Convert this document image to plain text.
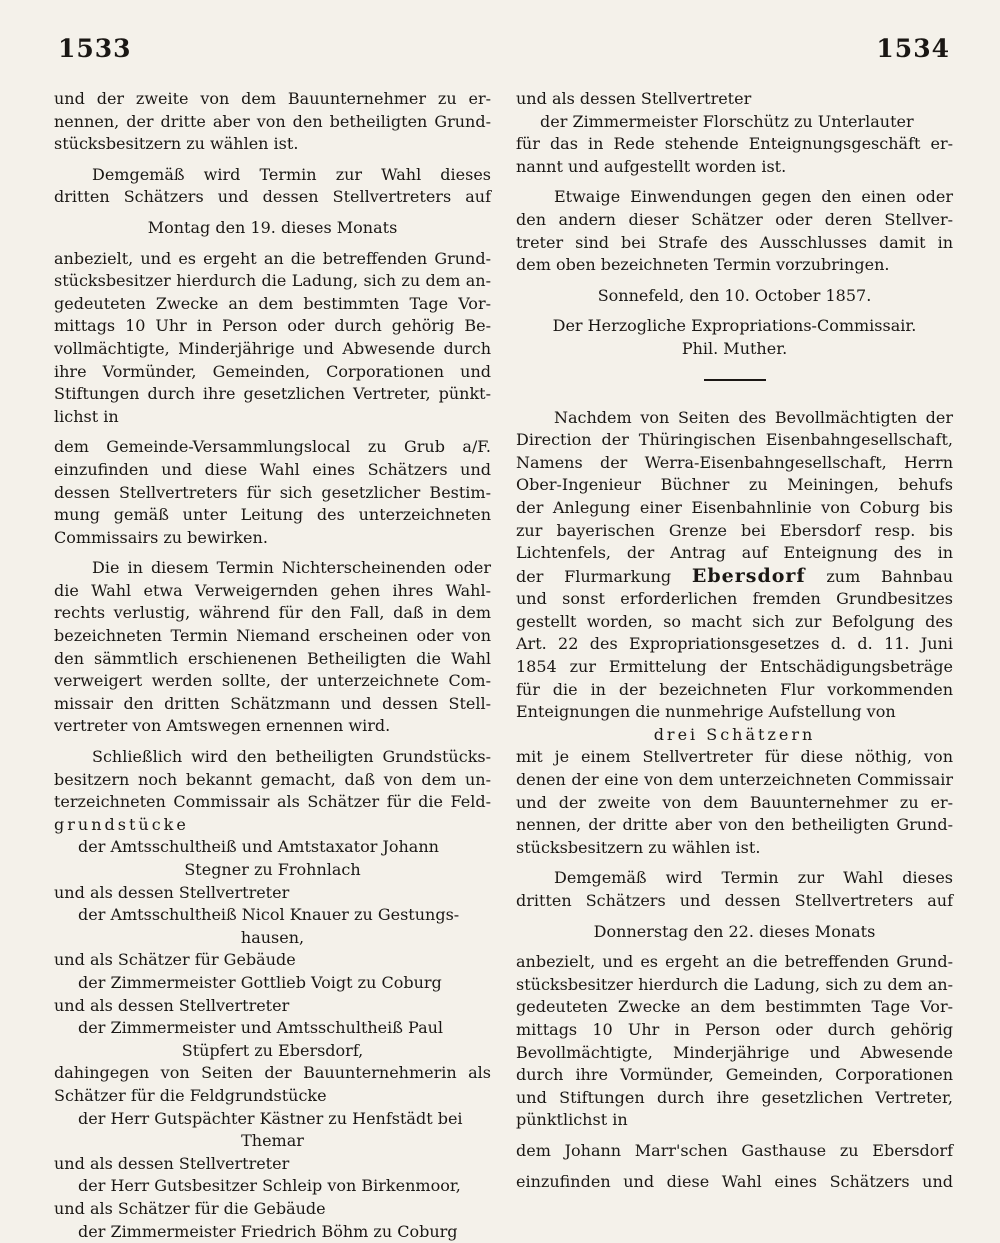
1533	1534

und der zweite von dem Bauunternehmer zu er-

nennen, der dritte aber von den betheiligten Grund-

stücksbesitzern zu wählen ist.

Demgemäß wird Termin zur Wahl dieses

dritten Schätzers und dessen Stellvertreters auf

Montag den 19. dieses Monats

anbezielt, und es ergeht an die betreffenden Grund-

stücksbesitzer hierdurch die Ladung, sich zu dem an-

gedeuteten Zwecke an dem bestimmten Tage Vor-

mittags 10 Uhr in Person oder durch gehörig Be-

vollmächtigte, Minderjährige und Abwesende durch

ihre Vormünder, Gemeinden, Corporationen und

Stiftungen durch ihre gesetzlichen Vertreter, pünkt-

lichst in

dem Gemeinde-Versammlungslocal zu Grub a/F.

einzufinden und diese Wahl eines Schätzers und

dessen Stellvertreters für sich gesetzlicher Bestim-

mung gemäß unter Leitung des unterzeichneten

Commissairs zu bewirken.

Die in diesem Termin Nichterscheinenden oder

die Wahl etwa Verweigernden gehen ihres Wahl-

rechts verlustig, während für den Fall, daß in dem

bezeichneten Termin Niemand erscheinen oder von

den sämmtlich erschienenen Betheiligten die Wahl

verweigert werden sollte, der unterzeichnete Com-

missair den dritten Schätzmann und dessen Stell-

vertreter von Amtswegen ernennen wird.

Schließlich wird den betheiligten Grundstücks-

besitzern noch bekannt gemacht, daß von dem un-

terzeichneten Commissair als Schätzer für die Feld-

grundstücke

der Amtsschultheiß und Amtstaxator Johann

Stegner zu Frohnlach

und als dessen Stellvertreter

der Amtsschultheiß Nicol Knauer zu Gestungs-

hausen,

und als Schätzer für Gebäude

der Zimmermeister Gottlieb Voigt zu Coburg

und als dessen Stellvertreter

der Zimmermeister und Amtsschultheiß Paul

Stüpfert zu Ebersdorf,

dahingegen von Seiten der Bauunternehmerin als

Schätzer für die Feldgrundstücke

der Herr Gutspächter Kästner zu Henfstädt bei

Themar

und als dessen Stellvertreter

der Herr Gutsbesitzer Schleip von Birkenmoor,

und als Schätzer für die Gebäude

der Zimmermeister Friedrich Böhm zu Coburg

und als dessen Stellvertreter

der Zimmermeister Florschütz zu Unterlauter

für das in Rede stehende Enteignungsgeschäft er-

nannt und aufgestellt worden ist.

Etwaige Einwendungen gegen den einen oder

den andern dieser Schätzer oder deren Stellver-

treter sind bei Strafe des Ausschlusses damit in

dem oben bezeichneten Termin vorzubringen.

Sonnefeld, den 10. October 1857.

Der Herzogliche Expropriations-Commissair.

Phil. Muther.

Nachdem von Seiten des Bevollmächtigten der

Direction der Thüringischen Eisenbahngesellschaft,

Namens der Werra-Eisenbahngesellschaft, Herrn

Ober-Ingenieur Büchner zu Meiningen, behufs

der Anlegung einer Eisenbahnlinie von Coburg bis

zur bayerischen Grenze bei Ebersdorf resp. bis

Lichtenfels, der Antrag auf Enteignung des in

der Flurmarkung Ebersdorf zum Bahnbau

und sonst erforderlichen fremden Grundbesitzes

gestellt worden, so macht sich zur Befolgung des

Art. 22 des Expropriationsgesetzes d. d. 11. Juni

1854 zur Ermittelung der Entschädigungsbeträge

für die in der bezeichneten Flur vorkommenden

Enteignungen die nunmehrige Aufstellung von

drei Schätzern

mit je einem Stellvertreter für diese nöthig, von

denen der eine von dem unterzeichneten Commissair

und der zweite von dem Bauunternehmer zu er-

nennen, der dritte aber von den betheiligten Grund-

stücksbesitzern zu wählen ist.

Demgemäß wird Termin zur Wahl dieses

dritten Schätzers und dessen Stellvertreters auf

Donnerstag den 22. dieses Monats

anbezielt, und es ergeht an die betreffenden Grund-

stücksbesitzer hierdurch die Ladung, sich zu dem an-

gedeuteten Zwecke an dem bestimmten Tage Vor-

mittags 10 Uhr in Person oder durch gehörig

Bevollmächtigte, Minderjährige und Abwesende

durch ihre Vormünder, Gemeinden, Corporationen

und Stiftungen durch ihre gesetzlichen Vertreter,

pünktlichst in

dem Johann Marr'schen Gasthause zu Ebersdorf

einzufinden und diese Wahl eines Schätzers und
